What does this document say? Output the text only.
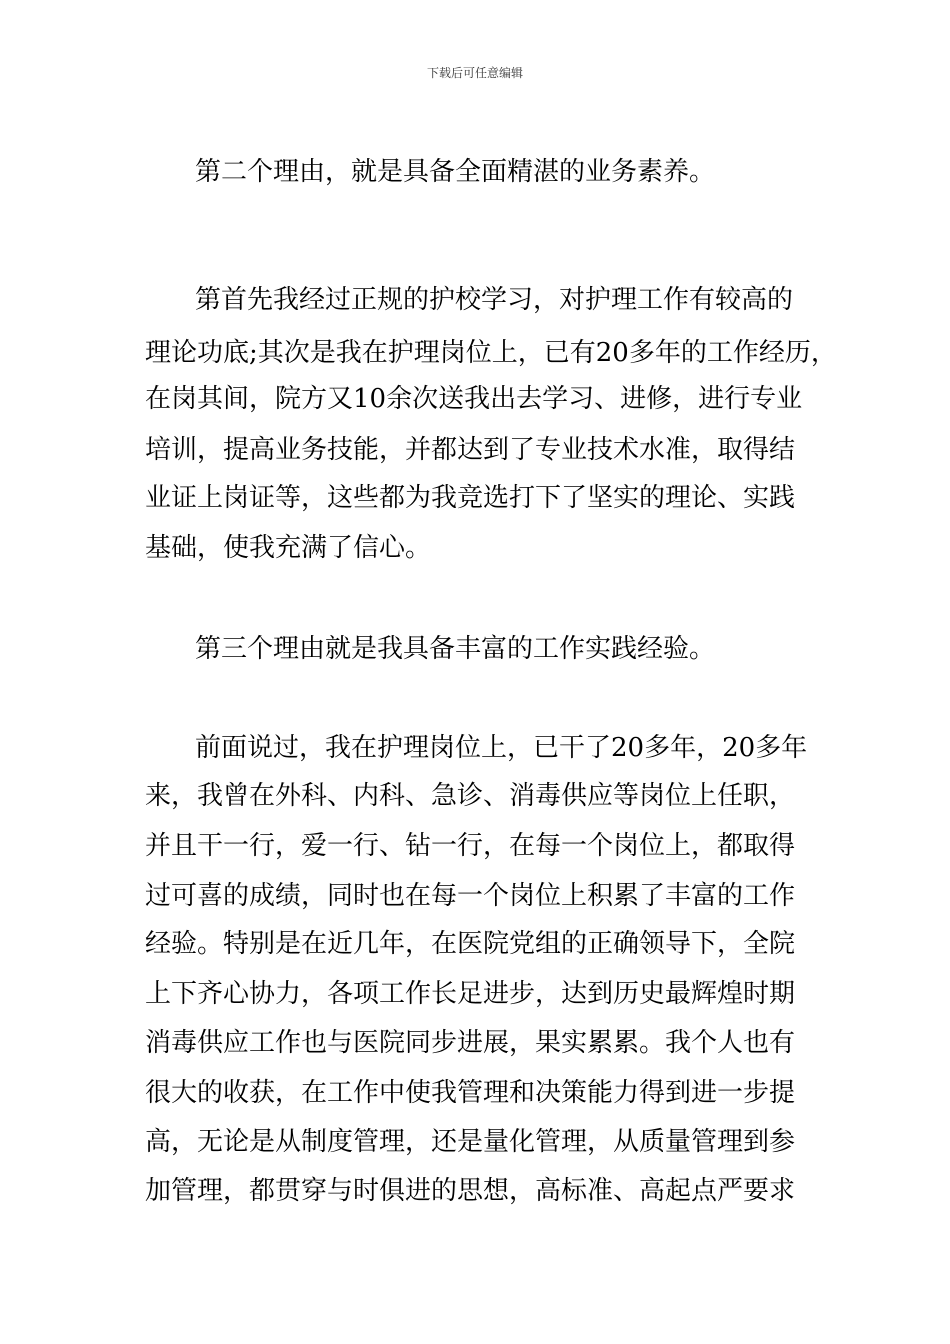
下载后可任意编辑
第二个理由，就是具备全面精湛的业务素养。
第首先我经过正规的护校学习，对护理工作有较高的
理论功底;其次是我在护理岗位上，已有20多年的工作经历，
在岗其间，院方又10余次送我出去学习、进修，进行专业
培训，提高业务技能，并都达到了专业技术水准，取得结
业证上岗证等，这些都为我竞选打下了坚实的理论、实践
基础，使我充满了信心。
第三个理由就是我具备丰富的工作实践经验。
前面说过，我在护理岗位上，已干了20多年，20多年
来，我曾在外科、内科、急诊、消毒供应等岗位上任职，
并且干一行，爱一行、钻一行，在每一个岗位上，都取得
过可喜的成绩，同时也在每一个岗位上积累了丰富的工作
经验。特别是在近几年，在医院党组的正确领导下，全院
上下齐心协力，各项工作长足进步，达到历史最辉煌时期
消毒供应工作也与医院同步进展，果实累累。我个人也有
很大的收获，在工作中使我管理和决策能力得到进一步提
高，无论是从制度管理，还是量化管理，从质量管理到参
加管理，都贯穿与时俱进的思想，高标准、高起点严要求
